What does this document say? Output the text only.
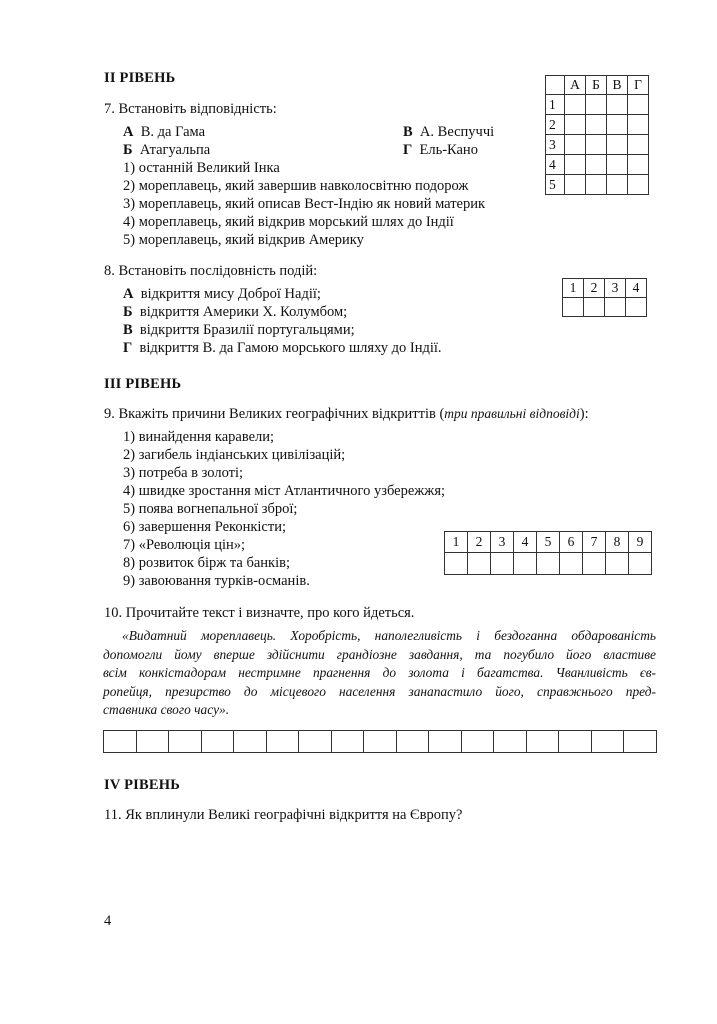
II РІВЕНЬ
		А	Б	В	Г
1				
2				
3				
4				
5				
7. Встановіть відповідність:
А В. да Гама
Б Атагуальпа
В А. Веспуччі
Г Ель-Кано
1) останній Великий Інка
2) мореплавець, який завершив навколосвітню подорож
3) мореплавець, який описав Вест-Індію як новий материк
4) мореплавець, який відкрив морський шлях до Індії
5) мореплавець, який відкрив Америку
8. Встановіть послідовність подій:
1	2	3	4

А відкриття мису Доброї Надії;
Б відкриття Америки Х. Колумбом;
В відкриття Бразилії португальцями;
Г відкриття В. да Гамою морського шляху до Індії.
III РІВЕНЬ
9. Вкажіть причини Великих географічних відкриттів (три правильні відповіді):
1) винайдення каравели;
2) загибель індіанських цивілізацій;
3) потреба в золоті;
4) швидке зростання міст Атлантичного узбережжя;
5) поява вогнепальної зброї;
6) завершення Реконкісти;
7) «Революція цін»;
8) розвиток бірж та банків;
9) завоювання турків-османів.
1	2	3	4	5	6	7	8	9

10. Прочитайте текст і визначте, про кого йдеться.
«Видатний мореплавець. Хоробрість, наполегливість і бездоганна обдарованість
допомогли йому вперше здійснити грандіозне завдання, та погубило його властиве
всім конкістадорам нестримне прагнення до золота і багатства. Чванливість єв-
ропейця, презирство до місцевого населення занапастило його, справжнього пред-
ставника свого часу».

IV РІВЕНЬ
11. Як вплинули Великі географічні відкриття на Європу?
4
